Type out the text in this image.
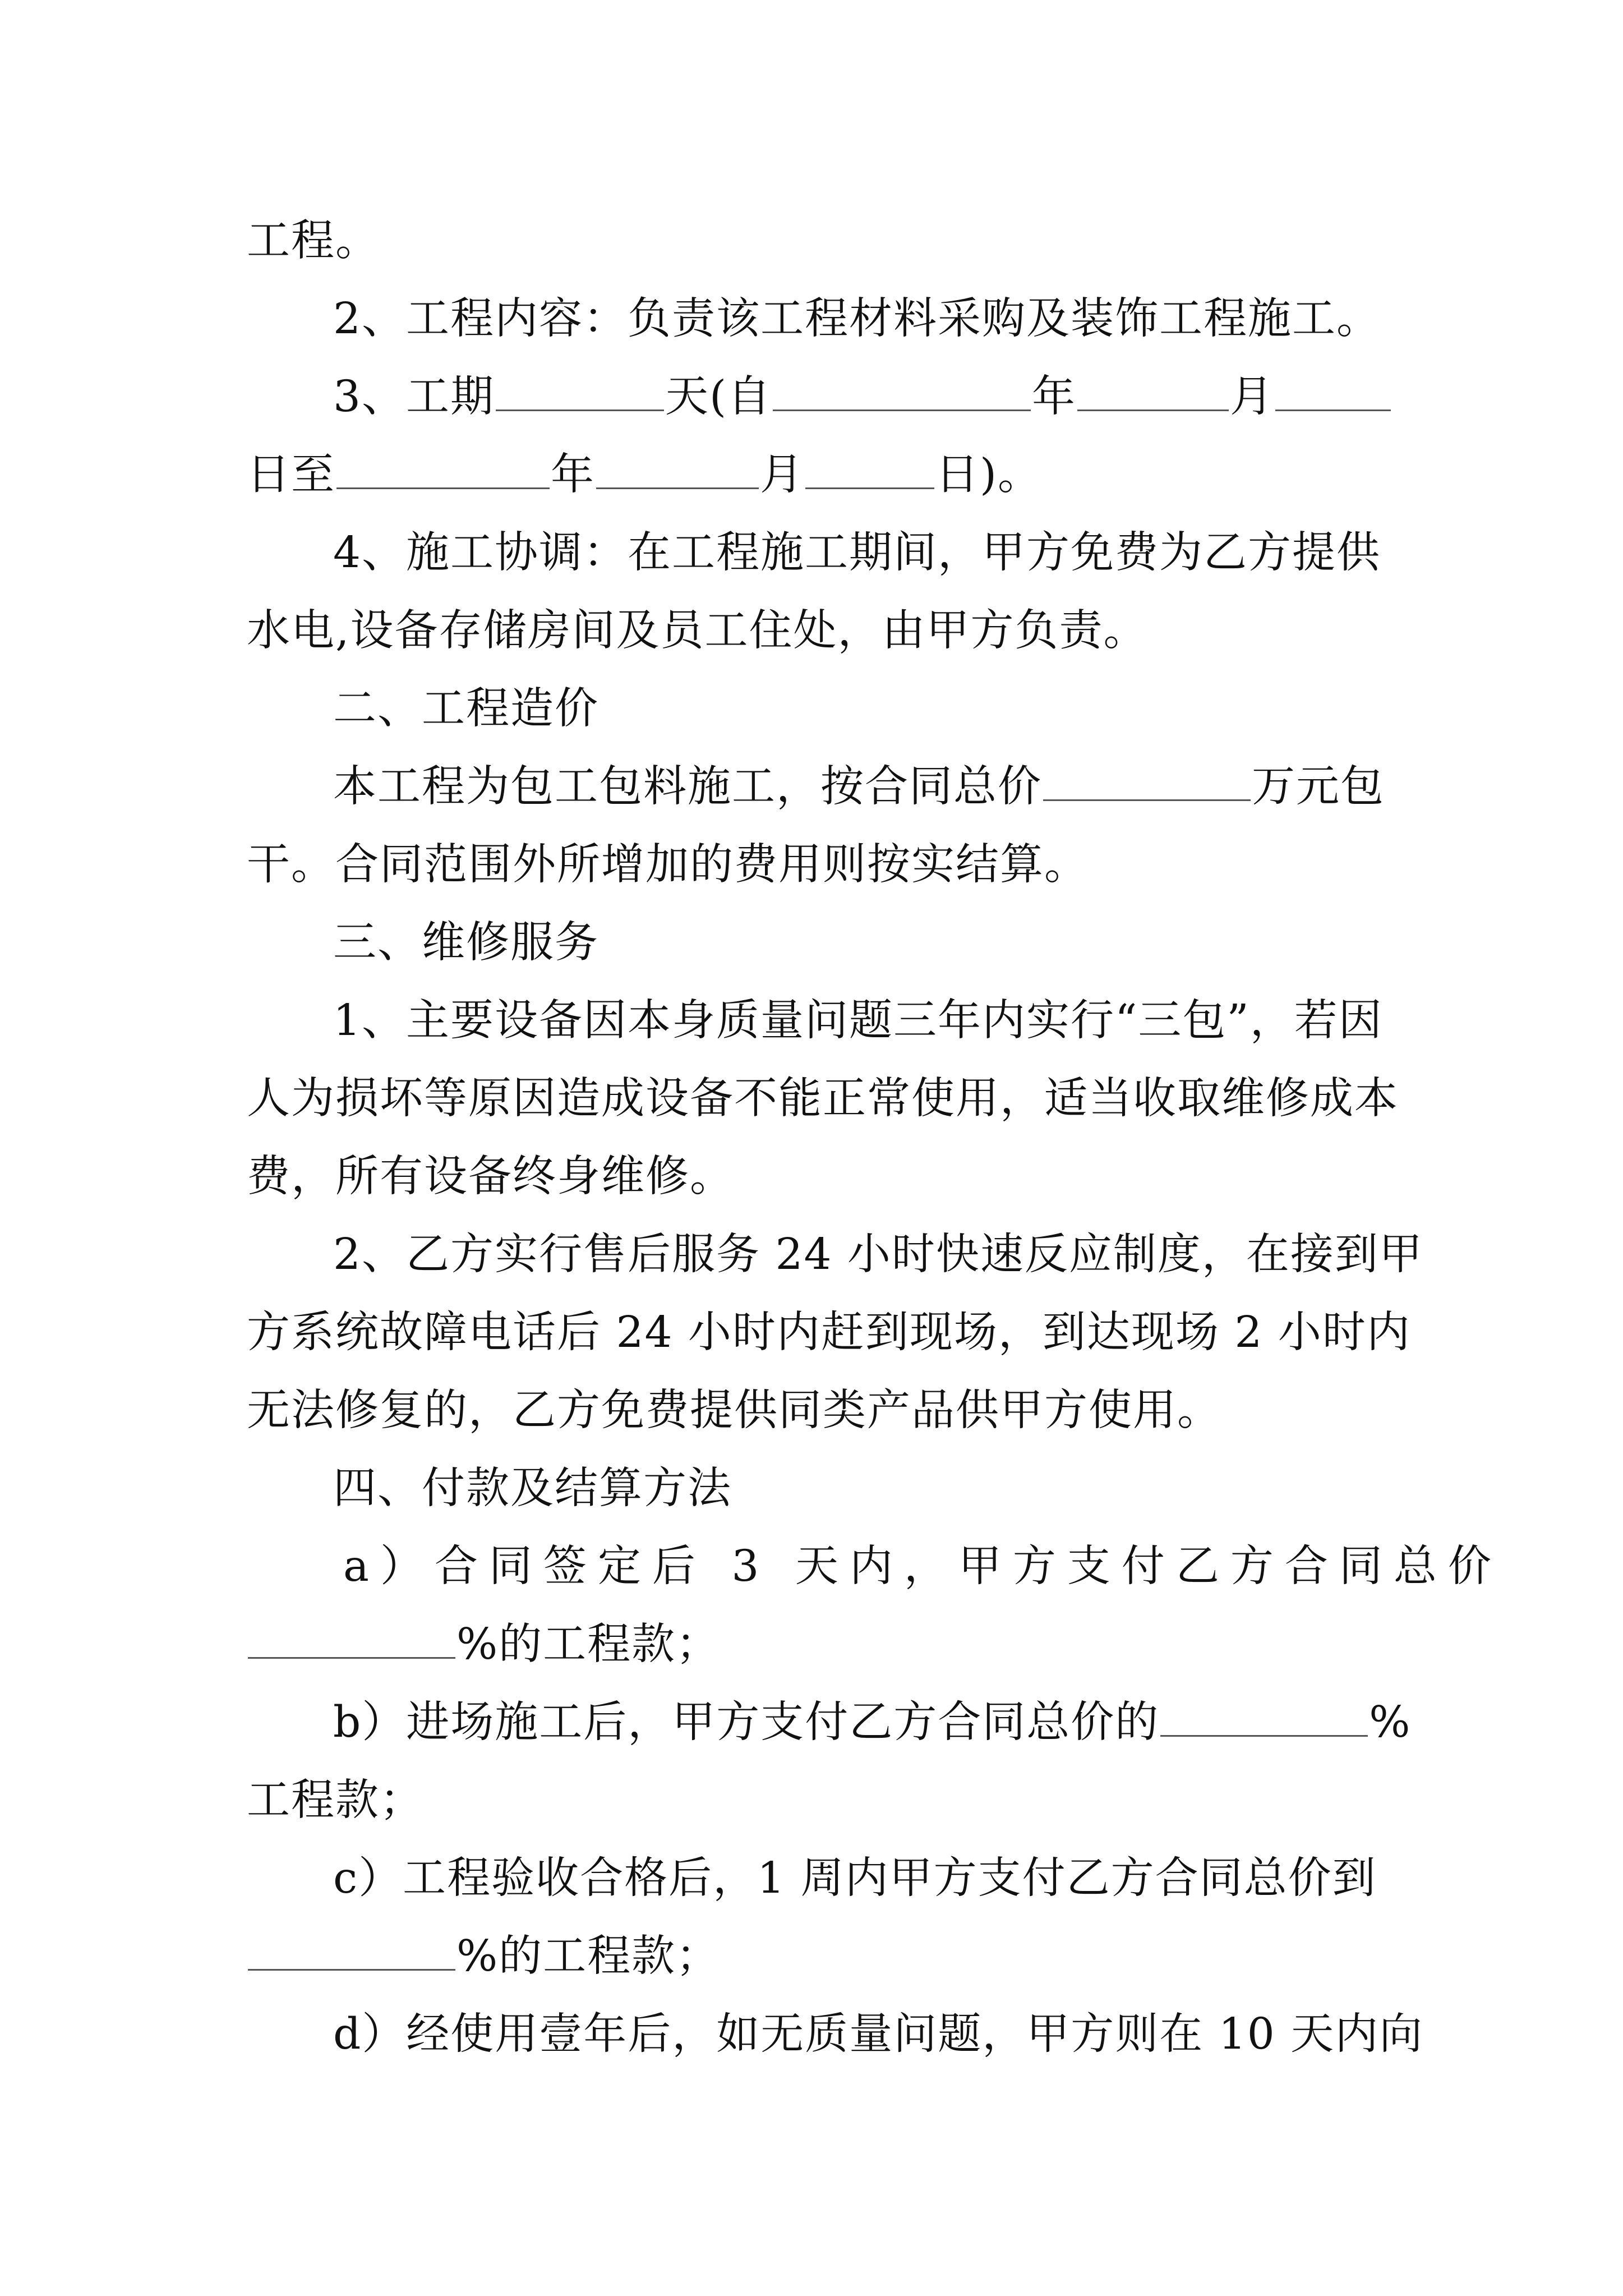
工程。
2、工程内容：负责该工程材料采购及装饰工程施工。
3、工期	天(自	年	月
日至	年	月	日)。
4、施工协调：在工程施工期间，甲方免费为乙方提供
水电,设备存储房间及员工住处，由甲方负责。
二、工程造价
本工程为包工包料施工，按合同总价	万元包
干。合同范围外所增加的费用则按实结算。
三、维修服务
1、主要设备因本身质量问题三年内实行“三包”，若因
人为损坏等原因造成设备不能正常使用，适当收取维修成本
费，所有设备终身维修。
2、乙方实行售后服务 24 小时快速反应制度，在接到甲
方系统故障电话后 24 小时内赶到现场，到达现场 2 小时内
无法修复的，乙方免费提供同类产品供甲方使用。
四、付款及结算方法
a）合同签定后 3 天内，甲方支付乙方合同总价
%的工程款；
b）进场施工后，甲方支付乙方合同总价的	%
工程款；
c）工程验收合格后，1 周内甲方支付乙方合同总价到
%的工程款；
d）经使用壹年后，如无质量问题，甲方则在 10 天内向
